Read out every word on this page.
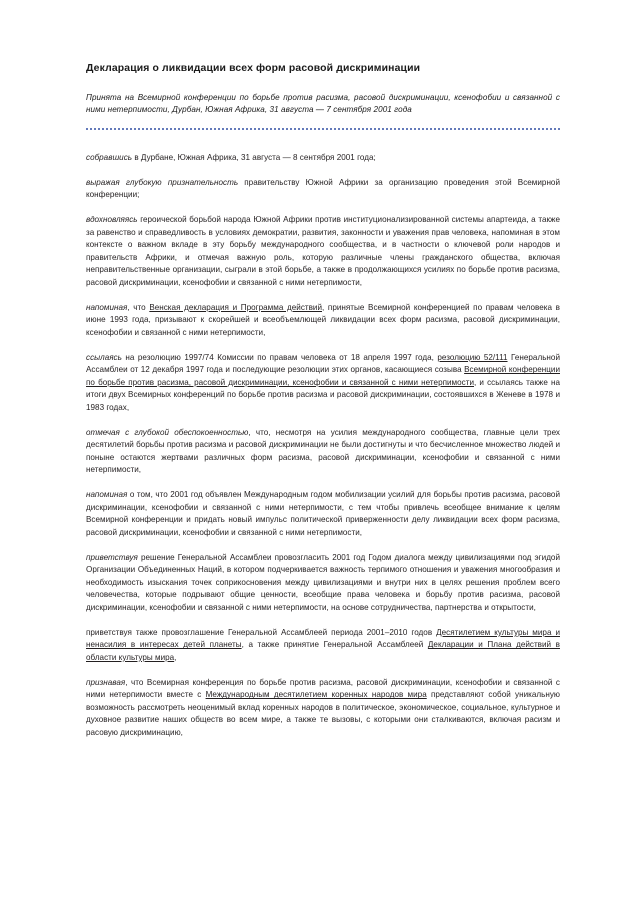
Декларация о ликвидации всех форм расовой дискриминации

Принята на Всемирной конференции по борьбе против расизма, расовой дискриминации, ксенофобии и связанной с ними нетерпимости, Дурбан, Южная Африка, 31 августа — 7 сентября 2001 года

собравшись в Дурбане, Южная Африка, 31 августа — 8 сентября 2001 года;

выражая глубокую признательность правительству Южной Африки за организацию проведения этой Всемирной конференции;

вдохновляясь героической борьбой народа Южной Африки против институционализированной системы апартеида, а также за равенство и справедливость в условиях демократии, развития, законности и уважения прав человека, напоминая в этом контексте о важном вкладе в эту борьбу международного сообщества, и в частности о ключевой роли народов и правительств Африки, и отмечая важную роль, которую различные члены гражданского общества, включая неправительственные организации, сыграли в этой борьбе, а также в продолжающихся усилиях по борьбе против расизма, расовой дискриминации, ксенофобии и связанной с ними нетерпимости,

напоминая, что Венская декларация и Программа действий, принятые Всемирной конференцией по правам человека в июне 1993 года, призывают к скорейшей и всеобъемлющей ликвидации всех форм расизма, расовой дискриминации, ксенофобии и связанной с ними нетерпимости,

ссылаясь на резолюцию 1997/74 Комиссии по правам человека от 18 апреля 1997 года, резолюцию 52/111 Генеральной Ассамблеи от 12 декабря 1997 года и последующие резолюции этих органов, касающиеся созыва Всемирной конференции по борьбе против расизма, расовой дискриминации, ксенофобии и связанной с ними нетерпимости, и ссылаясь также на итоги двух Всемирных конференций по борьбе против расизма и расовой дискриминации, состоявшихся в Женеве в 1978 и 1983 годах,

отмечая с глубокой обеспокоенностью, что, несмотря на усилия международного сообщества, главные цели трех десятилетий борьбы против расизма и расовой дискриминации не были достигнуты и что бесчисленное множество людей и поныне остаются жертвами различных форм расизма, расовой дискриминации, ксенофобии и связанной с ними нетерпимости,

напоминая о том, что 2001 год объявлен Международным годом мобилизации усилий для борьбы против расизма, расовой дискриминации, ксенофобии и связанной с ними нетерпимости, с тем чтобы привлечь всеобщее внимание к целям Всемирной конференции и придать новый импульс политической приверженности делу ликвидации всех форм расизма, расовой дискриминации, ксенофобии и связанной с ними нетерпимости,

приветствуя решение Генеральной Ассамблеи провозгласить 2001 год Годом диалога между цивилизациями под эгидой Организации Объединенных Наций, в котором подчеркивается важность терпимого отношения и уважения многообразия и необходимость изыскания точек соприкосновения между цивилизациями и внутри них в целях решения проблем всего человечества, которые подрывают общие ценности, всеобщие права человека и борьбу против расизма, расовой дискриминации, ксенофобии и связанной с ними нетерпимости, на основе сотрудничества, партнерства и открытости,

приветствуя также провозглашение Генеральной Ассамблеей периода 2001–2010 годов Десятилетием культуры мира и ненасилия в интересах детей планеты, а также принятие Генеральной Ассамблеей Декларации и Плана действий в области культуры мира,

признавая, что Всемирная конференция по борьбе против расизма, расовой дискриминации, ксенофобии и связанной с ними нетерпимости вместе с Международным десятилетием коренных народов мира представляют собой уникальную возможность рассмотреть неоценимый вклад коренных народов в политическое, экономическое, социальное, культурное и духовное развитие наших обществ во всем мире, а также те вызовы, с которыми они сталкиваются, включая расизм и расовую дискриминацию,
